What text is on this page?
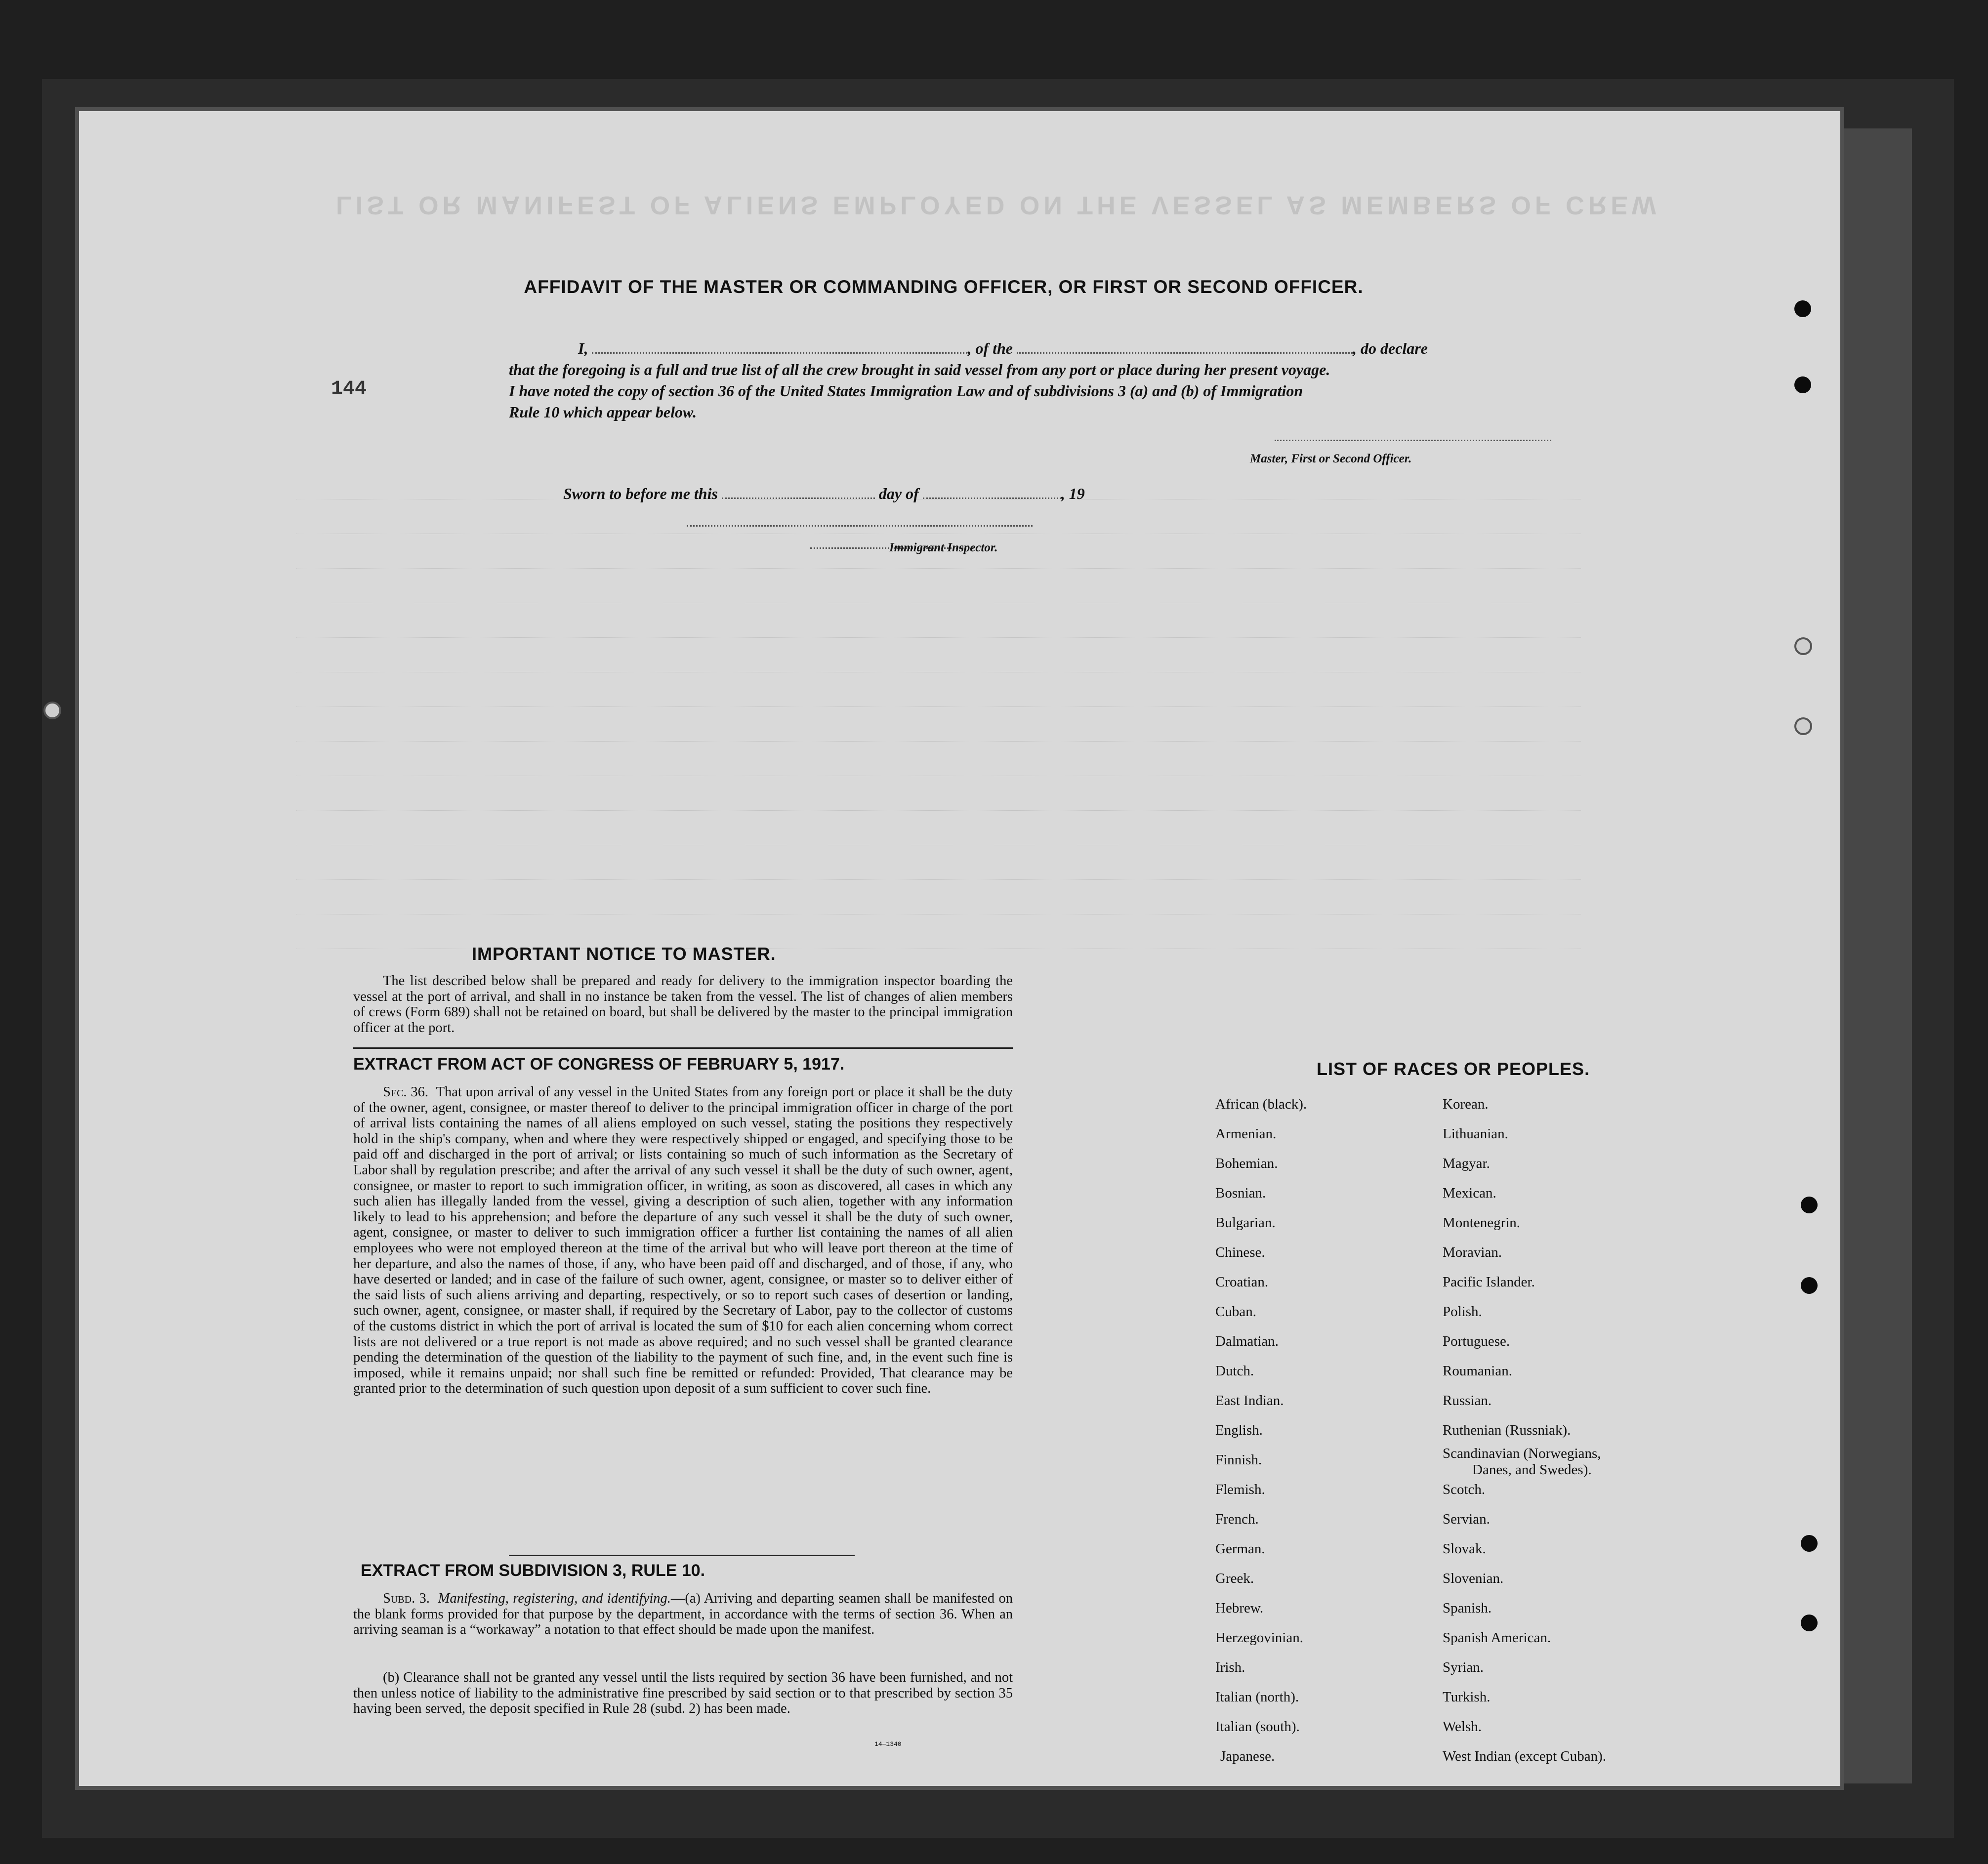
LIST OR MANIFEST OF ALIENS EMPLOYED ON THE VESSEL AS MEMBERS OF CREW
AFFIDAVIT OF THE MASTER OR COMMANDING OFFICER, OR FIRST OR SECOND OFFICER.
I,	, of the	, do declare
that the foregoing is a full and true list of all the crew brought in said vessel from any port or place during her present voyage.
I have noted the copy of section 36 of the United States Immigration Law and of subdivisions 3 (a) and (b) of Immigration
Rule 10 which appear below.
144
Master, First or Second Officer.
Sworn to before me this	day of	, 19
Immigrant Inspector.
IMPORTANT NOTICE TO MASTER.
The list described below shall be prepared and ready for delivery to the immigration inspector boarding the vessel at the port of arrival, and shall in no instance be taken from the vessel. The list of changes of alien members of crews (Form 689) shall not be retained on board, but shall be delivered by the master to the principal immigration officer at the port.
EXTRACT FROM ACT OF CONGRESS OF FEBRUARY 5, 1917.
Sec. 36. That upon arrival of any vessel in the United States from any foreign port or place it shall be the duty of the owner, agent, consignee, or master thereof to deliver to the principal immigration officer in charge of the port of arrival lists containing the names of all aliens employed on such vessel, stating the positions they respectively hold in the ship's company, when and where they were respectively shipped or engaged, and specifying those to be paid off and discharged in the port of arrival; or lists containing so much of such information as the Secretary of Labor shall by regulation prescribe; and after the arrival of any such vessel it shall be the duty of such owner, agent, consignee, or master to report to such immigration officer, in writing, as soon as discovered, all cases in which any such alien has illegally landed from the vessel, giving a description of such alien, together with any information likely to lead to his apprehension; and before the departure of any such vessel it shall be the duty of such owner, agent, consignee, or master to deliver to such immigration officer a further list containing the names of all alien employees who were not employed thereon at the time of the arrival but who will leave port thereon at the time of her departure, and also the names of those, if any, who have been paid off and discharged, and of those, if any, who have deserted or landed; and in case of the failure of such owner, agent, consignee, or master so to deliver either of the said lists of such aliens arriving and departing, respectively, or so to report such cases of desertion or landing, such owner, agent, consignee, or master shall, if required by the Secretary of Labor, pay to the collector of customs of the customs district in which the port of arrival is located the sum of $10 for each alien concerning whom correct lists are not delivered or a true report is not made as above required; and no such vessel shall be granted clearance pending the determination of the question of the liability to the payment of such fine, and, in the event such fine is imposed, while it remains unpaid; nor shall such fine be remitted or refunded: Provided, That clearance may be granted prior to the determination of such question upon deposit of a sum sufficient to cover such fine.
EXTRACT FROM SUBDIVISION 3, RULE 10.
Subd. 3. Manifesting, registering, and identifying.—(a) Arriving and departing seamen shall be manifested on the blank forms provided for that purpose by the department, in accordance with the terms of section 36. When an arriving seaman is a “workaway” a notation to that effect should be made upon the manifest.
(b) Clearance shall not be granted any vessel until the lists required by section 36 have been furnished, and not then unless notice of liability to the administrative fine prescribed by said section or to that prescribed by section 35 having been served, the deposit specified in Rule 28 (subd. 2) has been made.
14—1340
LIST OF RACES OR PEOPLES.
African (black).
Armenian.
Bohemian.
Bosnian.
Bulgarian.
Chinese.
Croatian.
Cuban.
Dalmatian.
Dutch.
East Indian.
English.
Finnish.
Flemish.
French.
German.
Greek.
Hebrew.
Herzegovinian.
Irish.
Italian (north).
Italian (south).
Japanese.
Korean.
Lithuanian.
Magyar.
Mexican.
Montenegrin.
Moravian.
Pacific Islander.
Polish.
Portuguese.
Roumanian.
Russian.
Ruthenian (Russniak).
Scandinavian (Norwegians,
Danes, and Swedes).
Scotch.
Servian.
Slovak.
Slovenian.
Spanish.
Spanish American.
Syrian.
Turkish.
Welsh.
West Indian (except Cuban).
